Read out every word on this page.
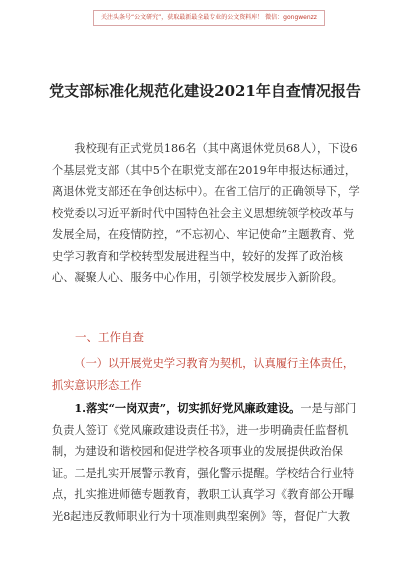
关注头条号“公文研究”，获取最新最全最专业的公文资料库！ 微信：gongwenzz
党支部标准化规范化建设2021年自查情况报告
我校现有正式党员186名（其中离退休党员68人），下设6个基层党支部（其中5个在职党支部在2019年申报达标通过，离退休党支部还在争创达标中）。在省工信厅的正确领导下，学校党委以习近平新时代中国特色社会主义思想统领学校改革与发展全局，在疫情防控，“不忘初心、牢记使命”主题教育、党史学习教育和学校转型发展进程当中，较好的发挥了政治核心、凝聚人心、服务中心作用，引领学校发展步入新阶段。
一、工作自查
（一）以开展党史学习教育为契机，认真履行主体责任，抓实意识形态工作
1.落实“一岗双责”，切实抓好党风廉政建设。一是与部门负责人签订《党风廉政建设责任书》，进一步明确责任监督机制，为建设和谐校园和促进学校各项事业的发展提供政治保证。二是扎实开展警示教育，强化警示提醒。学校结合行业特点，扎实推进师德专题教育，教职工认真学习《教育部公开曝光8起违反教师职业行为十项准则典型案例》等，督促广大教
